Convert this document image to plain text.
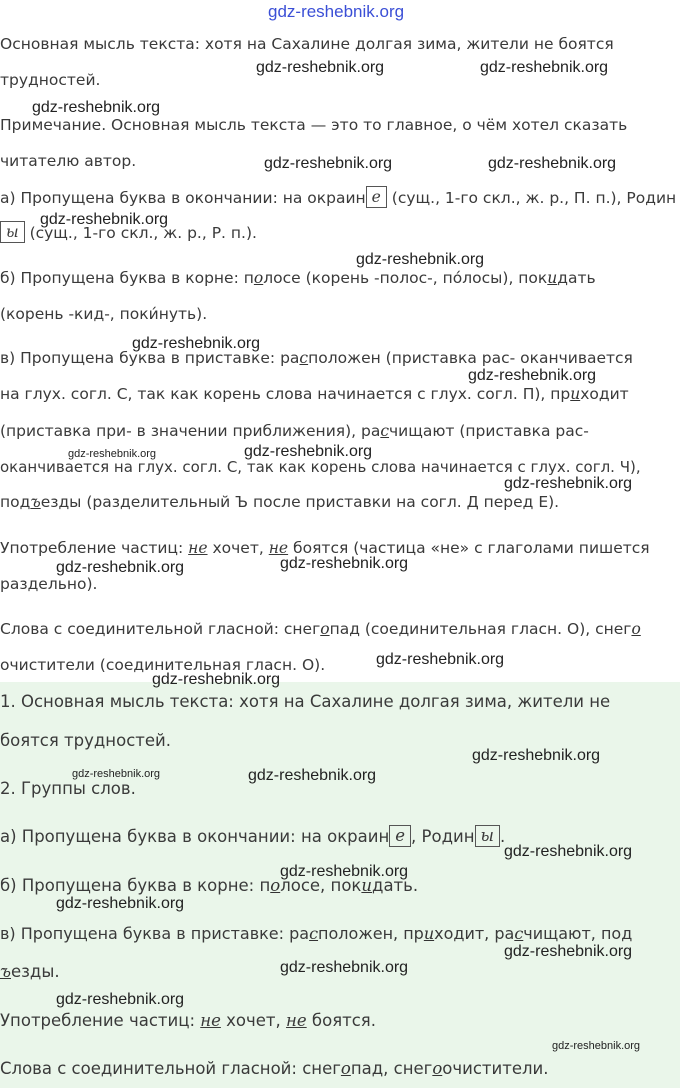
gdz-reshebnik.org

Основная мысль текста: хотя на Сахалине долгая зима, жители не боятся

трудностей.

Примечание. Основная мысль текста — это то главное, о чём хотел сказать

читателю автор.

а) Пропущена буква в окончании: на окраин е (сущ., 1-го скл., ж. р., П. п.), Родин

ы (сущ., 1-го скл., ж. р., Р. п.).

б) Пропущена буква в корне: полосе (корень -полос-, по́лосы), покидать

(корень -кид-, поки́нуть).

в) Пропущена буква в приставке: расположен (приставка рас- оканчивается

на глух. согл. С, так как корень слова начинается с глух. согл. П), приходит

(приставка при- в значении приближения), расчищают (приставка рас-

оканчивается на глух. согл. С, так как корень слова начинается с глух. согл. Ч),

подъезды (разделительный Ъ после приставки на согл. Д перед Е).

Употребление частиц: не хочет, не боятся (частица «не» с глаголами пишется

раздельно).

Слова с соединительной гласной: снегопад (соединительная гласн. О), снего

очистители (соединительная гласн. О).

1. Основная мысль текста: хотя на Сахалине долгая зима, жители не

боятся трудностей.

2. Группы слов.

а) Пропущена буква в окончании: на окраин е , Родин ы .

б) Пропущена буква в корне: полосе, покидать.

в) Пропущена буква в приставке: расположен, приходит, расчищают, под

ъезды.

Употребление частиц: не хочет, не боятся.

Слова с соединительной гласной: снегопад, снегоочистители.

gdz-reshebnik.org	gdz-reshebnik.org
gdz-reshebnik.org
gdz-reshebnik.org	gdz-reshebnik.org
gdz-reshebnik.org
gdz-reshebnik.org
gdz-reshebnik.org
gdz-reshebnik.org
gdz-reshebnik.org	gdz-reshebnik.org
gdz-reshebnik.org
gdz-reshebnik.org	gdz-reshebnik.org
gdz-reshebnik.org
gdz-reshebnik.org
gdz-reshebnik.org
gdz-reshebnik.org	gdz-reshebnik.org
gdz-reshebnik.org
gdz-reshebnik.org
gdz-reshebnik.org
gdz-reshebnik.org
gdz-reshebnik.org
gdz-reshebnik.org
gdz-reshebnik.org
